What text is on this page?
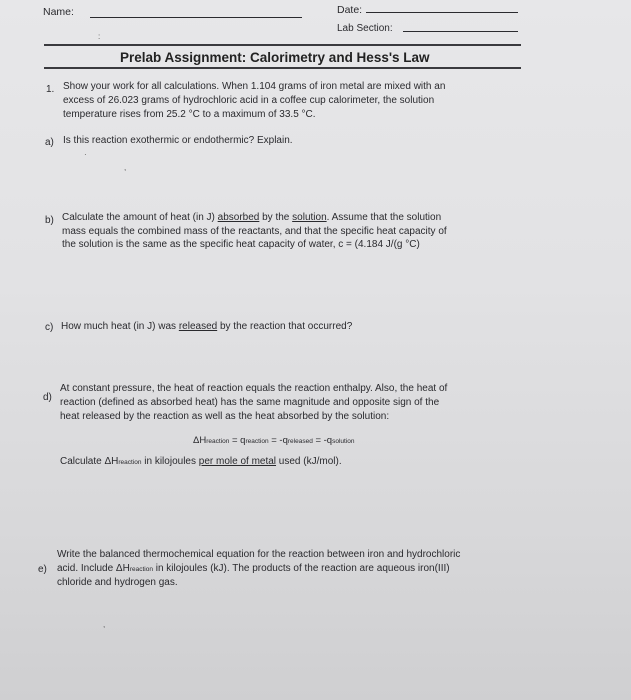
Name:	Date:
Lab Section:
:
Prelab Assignment: Calorimetry and Hess's Law
1. Show your work for all calculations. When 1.104 grams of iron metal are mixed with an
excess of 26.023 grams of hydrochloric acid in a coffee cup calorimeter, the solution
temperature rises from 25.2 °C to a maximum of 33.5 °C.
a) Is this reaction exothermic or endothermic? Explain.
·
,
b) Calculate the amount of heat (in J) absorbed by the solution. Assume that the solution
mass equals the combined mass of the reactants, and that the specific heat capacity of
the solution is the same as the specific heat capacity of water, c = (4.184 J/(g °C)
c) How much heat (in J) was released by the reaction that occurred?
d)
At constant pressure, the heat of reaction equals the reaction enthalpy. Also, the heat of
reaction (defined as absorbed heat) has the same magnitude and opposite sign of the
heat released by the reaction as well as the heat absorbed by the solution:
ΔHreaction = qreaction = -qreleased = -qsolution
Calculate ΔHreaction in kilojoules per mole of metal used (kJ/mol).
e)
Write the balanced thermochemical equation for the reaction between iron and hydrochloric
acid. Include ΔHreaction in kilojoules (kJ). The products of the reaction are aqueous iron(III)
chloride and hydrogen gas.
,
